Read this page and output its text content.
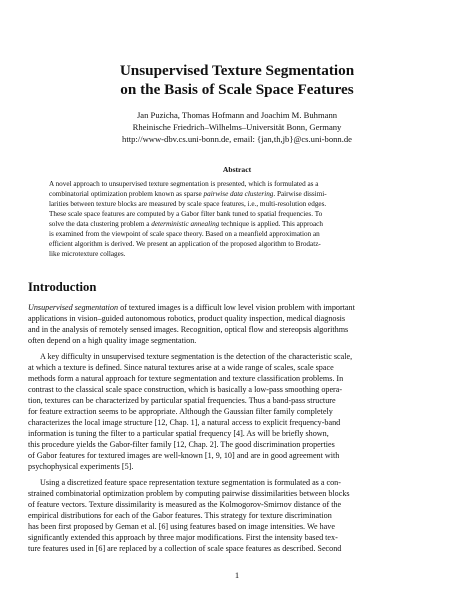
Unsupervised Texture Segmentation
on the Basis of Scale Space Features
Jan Puzicha, Thomas Hofmann and Joachim M. Buhmann
Rheinische Friedrich–Wilhelms–Universität Bonn, Germany
http://www-dbv.cs.uni-bonn.de, email: {jan,th,jb}@cs.uni-bonn.de
Abstract
A novel approach to unsupervised texture segmentation is presented, which is formulated as a
combinatorial optimization problem known as sparse pairwise data clustering. Pairwise dissimi-
larities between texture blocks are measured by scale space features, i.e., multi-resolution edges.
These scale space features are computed by a Gabor filter bank tuned to spatial frequencies. To
solve the data clustering problem a deterministic annealing technique is applied. This approach
is examined from the viewpoint of scale space theory. Based on a meanfield approximation an
efficient algorithm is derived. We present an application of the proposed algorithm to Brodatz-
like microtexture collages.
Introduction
Unsupervised segmentation of textured images is a difficult low level vision problem with important
applications in vision–guided autonomous robotics, product quality inspection, medical diagnosis
and in the analysis of remotely sensed images. Recognition, optical flow and stereopsis algorithms
often depend on a high quality image segmentation.
A key difficulty in unsupervised texture segmentation is the detection of the characteristic scale,
at which a texture is defined. Since natural textures arise at a wide range of scales, scale space
methods form a natural approach for texture segmentation and texture classification problems. In
contrast to the classical scale space construction, which is basically a low-pass smoothing opera-
tion, textures can be characterized by particular spatial frequencies. Thus a band-pass structure
for feature extraction seems to be appropriate. Although the Gaussian filter family completely
characterizes the local image structure [12, Chap. 1], a natural access to explicit frequency-band
information is tuning the filter to a particular spatial frequency [4]. As will be briefly shown,
this procedure yields the Gabor-filter family [12, Chap. 2]. The good discrimination properties
of Gabor features for textured images are well-known [1, 9, 10] and are in good agreement with
psychophysical experiments [5].
Using a discretized feature space representation texture segmentation is formulated as a con-
strained combinatorial optimization problem by computing pairwise dissimilarities between blocks
of feature vectors. Texture dissimilarity is measured as the Kolmogorov-Smirnov distance of the
empirical distributions for each of the Gabor features. This strategy for texture discrimination
has been first proposed by Geman et al. [6] using features based on image intensities. We have
significantly extended this approach by three major modifications. First the intensity based tex-
ture features used in [6] are replaced by a collection of scale space features as described. Second
1
